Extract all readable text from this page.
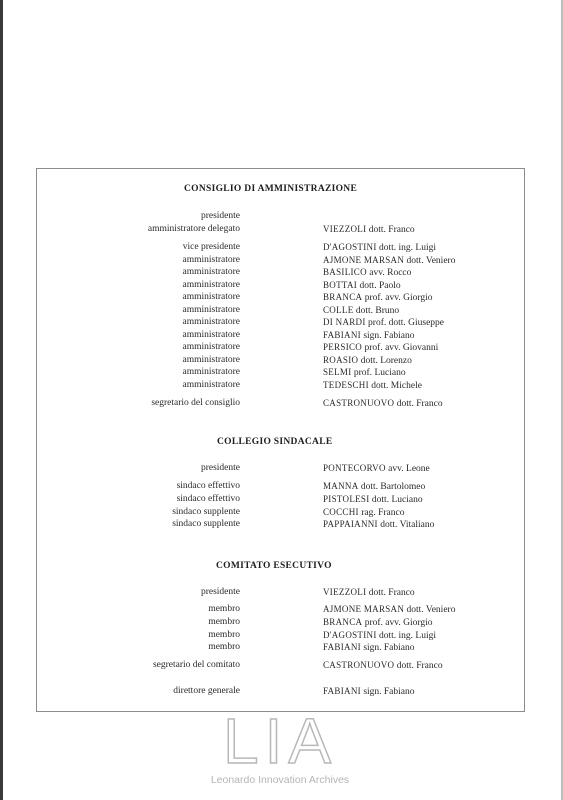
CONSIGLIO DI AMMINISTRAZIONE
presidente
amministratore delegato	VIEZZOLI dott. Franco
vice presidente	D'AGOSTINI dott. ing. Luigi
amministratore	AJMONE MARSAN dott. Veniero
amministratore	BASILICO avv. Rocco
amministratore	BOTTAI dott. Paolo
amministratore	BRANCA prof. avv. Giorgio
amministratore	COLLE dott. Bruno
amministratore	DI NARDI prof. dott. Giuseppe
amministratore	FABIANI sign. Fabiano
amministratore	PERSICO prof. avv. Giovanni
amministratore	ROASIO dott. Lorenzo
amministratore	SELMI prof. Luciano
amministratore	TEDESCHI dott. Michele
segretario del consiglio	CASTRONUOVO dott. Franco
COLLEGIO SINDACALE
presidente	PONTECORVO avv. Leone
sindaco effettivo	MANNA dott. Bartolomeo
sindaco effettivo	PISTOLESI dott. Luciano
sindaco supplente	COCCHI rag. Franco
sindaco supplente	PAPPAIANNI dott. Vitaliano
COMITATO ESECUTIVO
presidente	VIEZZOLI dott. Franco
membro	AJMONE MARSAN dott. Veniero
membro	BRANCA prof. avv. Giorgio
membro	D'AGOSTINI dott. ing. Luigi
membro	FABIANI sign. Fabiano
segretario del comitato	CASTRONUOVO dott. Franco
direttore generale	FABIANI sign. Fabiano
LIA
Leonardo Innovation Archives
